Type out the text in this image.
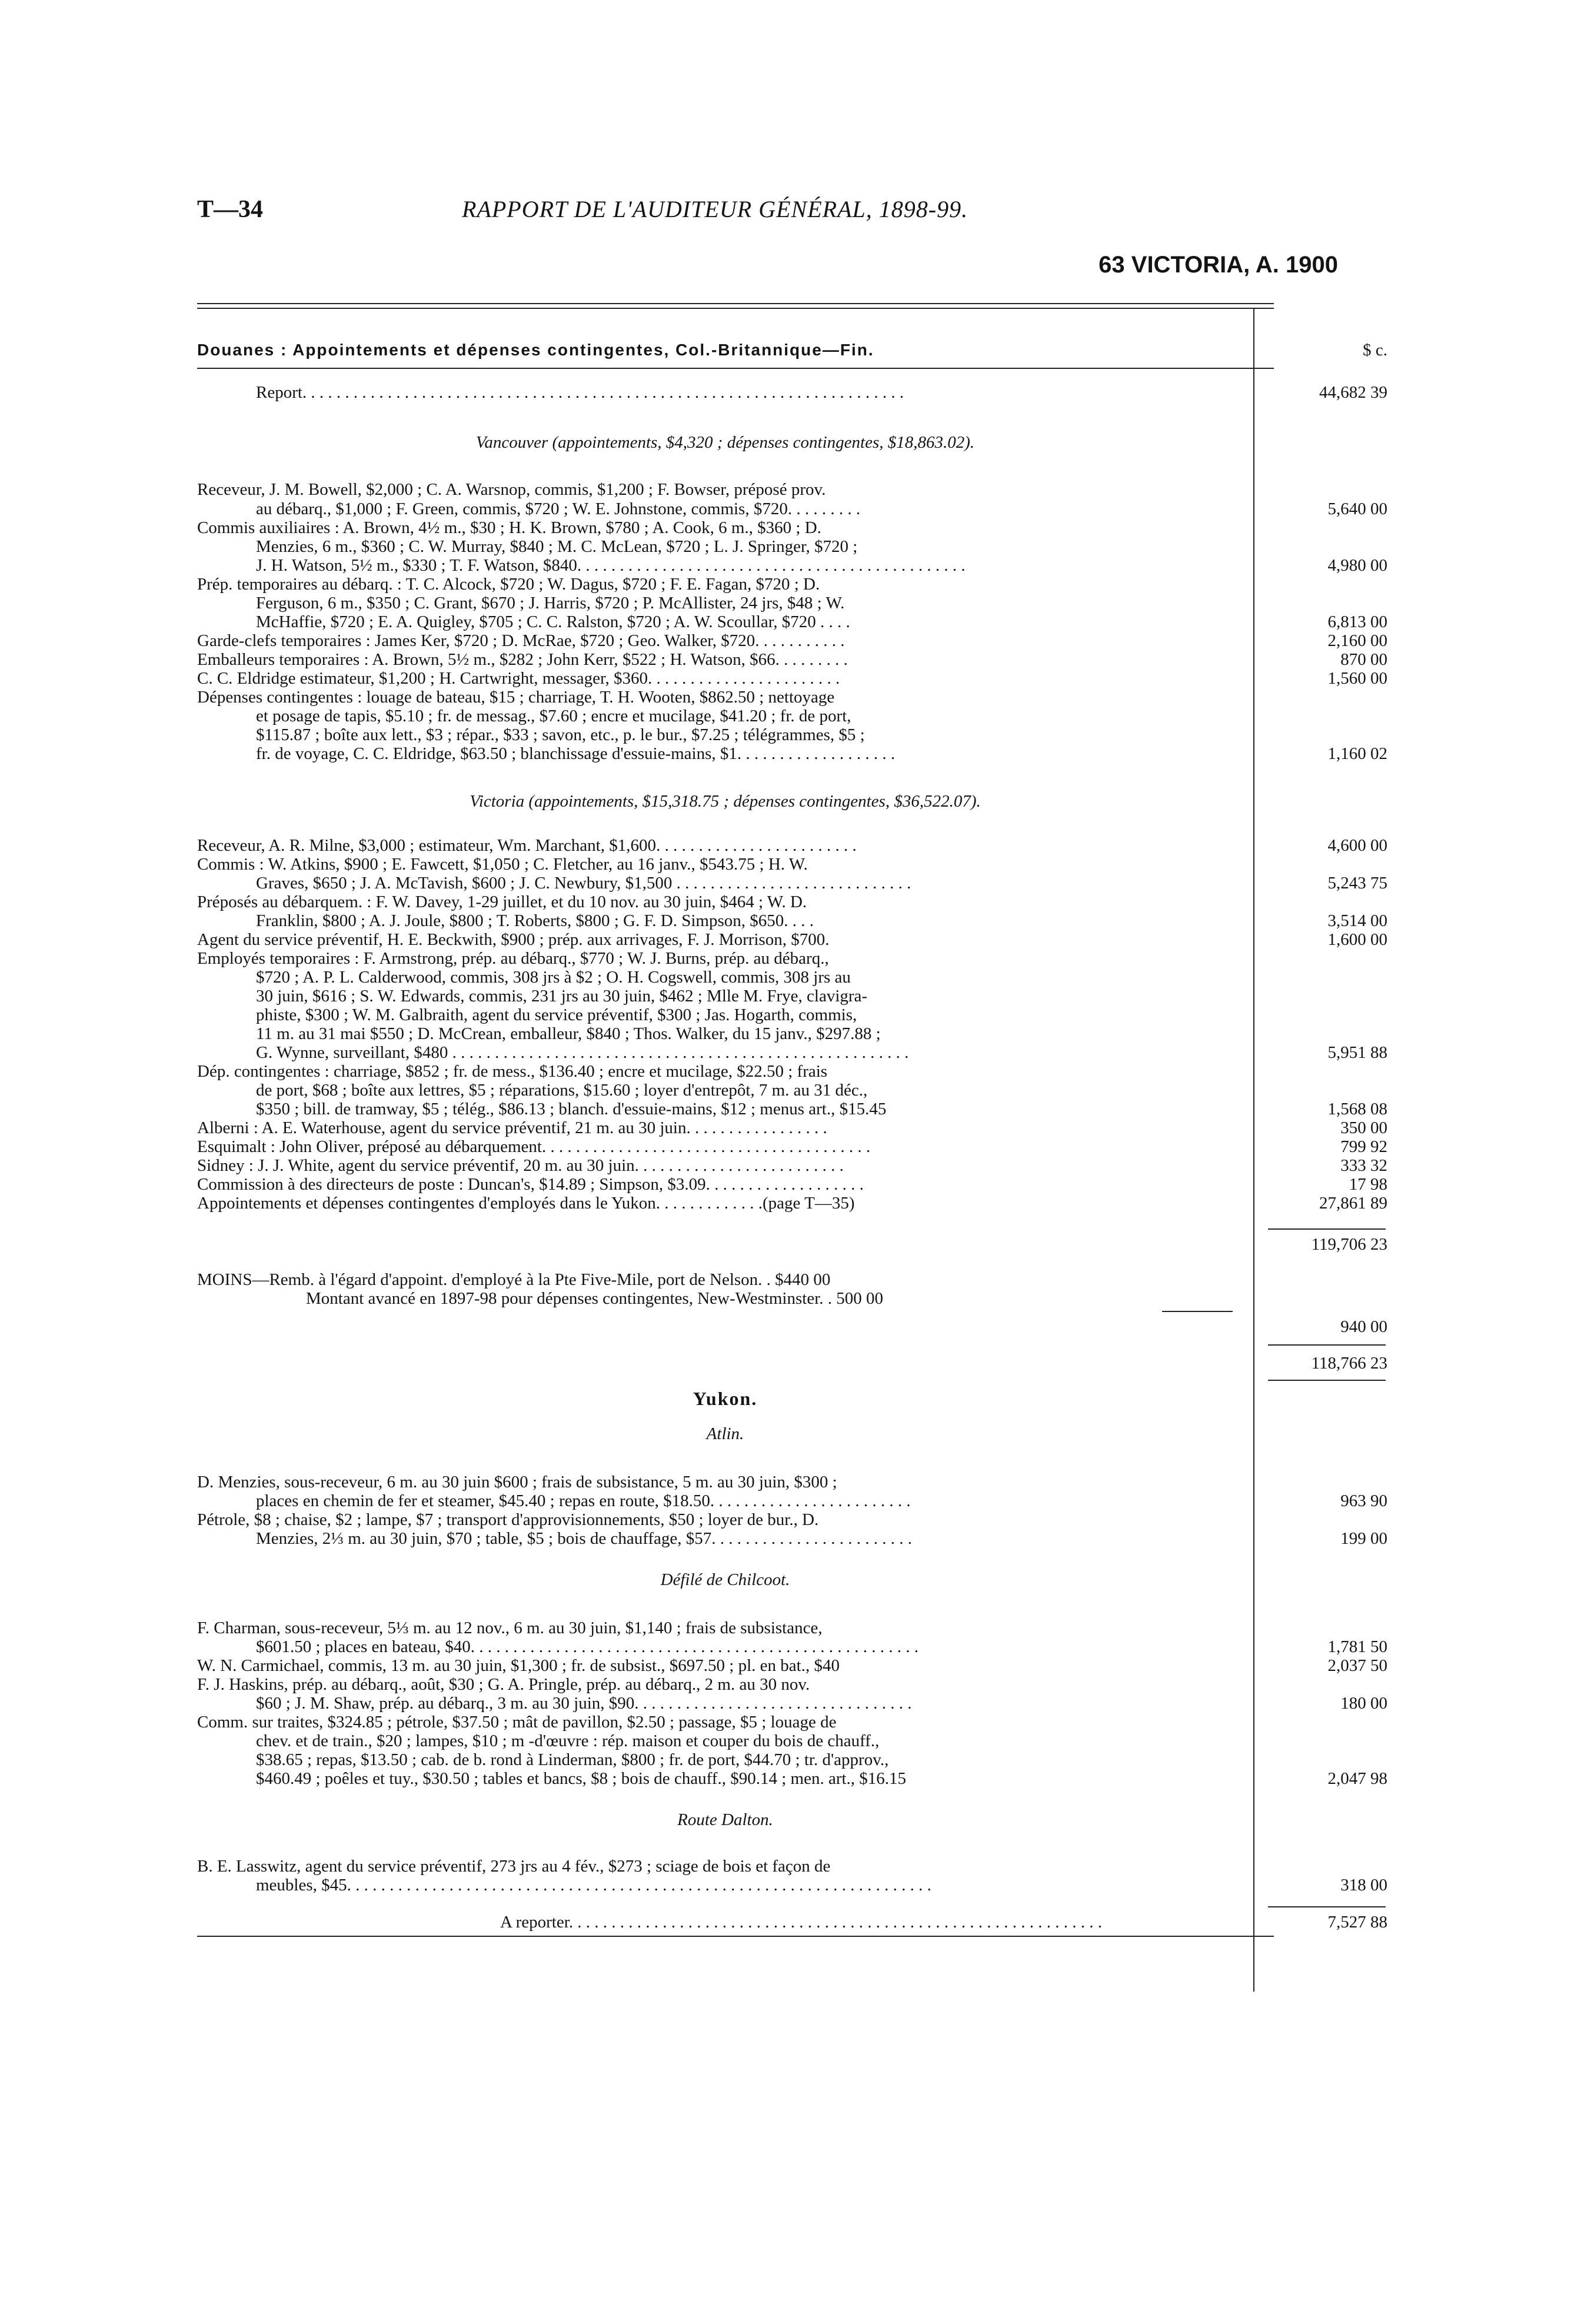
T—34	RAPPORT DE L'AUDITEUR GÉNÉRAL, 1898-99.
63 VICTORIA, A. 1900
Douanes : Appointements et dépenses contingentes, Col.-Britannique—Fin.	$ c.
Report. . . . . . . . . . . . . . . . . . . . . . . . . . . . . . . . . . . . . . . . . . . . . . . . . . . . . . . . . . . . . . . . . . . . . . .	44,682 39
Vancouver (appointements, $4,320 ; dépenses contingentes, $18,863.02).
Receveur, J. M. Bowell, $2,000 ; C. A. Warsnop, commis, $1,200 ; F. Bowser, préposé prov.
au débarq., $1,000 ; F. Green, commis, $720 ; W. E. Johnstone, commis, $720. . . . . . . . .	5,640 00
Commis auxiliaires : A. Brown, 4½ m., $30 ; H. K. Brown, $780 ; A. Cook, 6 m., $360 ; D.
Menzies, 6 m., $360 ; C. W. Murray, $840 ; M. C. McLean, $720 ; L. J. Springer, $720 ;
J. H. Watson, 5½ m., $330 ; T. F. Watson, $840. . . . . . . . . . . . . . . . . . . . . . . . . . . . . . . . . . . . . . . . . . . . . .	4,980 00
Prép. temporaires au débarq. : T. C. Alcock, $720 ; W. Dagus, $720 ; F. E. Fagan, $720 ; D.
Ferguson, 6 m., $350 ; C. Grant, $670 ; J. Harris, $720 ; P. McAllister, 24 jrs, $48 ; W.
McHaffie, $720 ; E. A. Quigley, $705 ; C. C. Ralston, $720 ; A. W. Scoullar, $720 . . . .	6,813 00
Garde-clefs temporaires : James Ker, $720 ; D. McRae, $720 ; Geo. Walker, $720. . . . . . . . . . .	2,160 00
Emballeurs temporaires : A. Brown, 5½ m., $282 ; John Kerr, $522 ; H. Watson, $66. . . . . . . . .	870 00
C. C. Eldridge estimateur, $1,200 ; H. Cartwright, messager, $360. . . . . . . . . . . . . . . . . . . . . . .	1,560 00
Dépenses contingentes : louage de bateau, $15 ; charriage, T. H. Wooten, $862.50 ; nettoyage
et posage de tapis, $5.10 ; fr. de messag., $7.60 ; encre et mucilage, $41.20 ; fr. de port,
$115.87 ; boîte aux lett., $3 ; répar., $33 ; savon, etc., p. le bur., $7.25 ; télégrammes, $5 ;
fr. de voyage, C. C. Eldridge, $63.50 ; blanchissage d'essuie-mains, $1. . . . . . . . . . . . . . . . . . .	1,160 02
Victoria (appointements, $15,318.75 ; dépenses contingentes, $36,522.07).
Receveur, A. R. Milne, $3,000 ; estimateur, Wm. Marchant, $1,600. . . . . . . . . . . . . . . . . . . . . . . .	4,600 00
Commis : W. Atkins, $900 ; E. Fawcett, $1,050 ; C. Fletcher, au 16 janv., $543.75 ; H. W.
Graves, $650 ; J. A. McTavish, $600 ; J. C. Newbury, $1,500 . . . . . . . . . . . . . . . . . . . . . . . . . . . .	5,243 75
Préposés au débarquem. : F. W. Davey, 1-29 juillet, et du 10 nov. au 30 juin, $464 ; W. D.
Franklin, $800 ; A. J. Joule, $800 ; T. Roberts, $800 ; G. F. D. Simpson, $650. . . .	3,514 00
Agent du service préventif, H. E. Beckwith, $900 ; prép. aux arrivages, F. J. Morrison, $700.	1,600 00
Employés temporaires : F. Armstrong, prép. au débarq., $770 ; W. J. Burns, prép. au débarq.,
$720 ; A. P. L. Calderwood, commis, 308 jrs à $2 ; O. H. Cogswell, commis, 308 jrs au
30 juin, $616 ; S. W. Edwards, commis, 231 jrs au 30 juin, $462 ; Mlle M. Frye, clavigra-
phiste, $300 ; W. M. Galbraith, agent du service préventif, $300 ; Jas. Hogarth, commis,
11 m. au 31 mai $550 ; D. McCrean, emballeur, $840 ; Thos. Walker, du 15 janv., $297.88 ;
G. Wynne, surveillant, $480 . . . . . . . . . . . . . . . . . . . . . . . . . . . . . . . . . . . . . . . . . . . . . . . . . . . . . .	5,951 88
Dép. contingentes : charriage, $852 ; fr. de mess., $136.40 ; encre et mucilage, $22.50 ; frais
de port, $68 ; boîte aux lettres, $5 ; réparations, $15.60 ; loyer d'entrepôt, 7 m. au 31 déc.,
$350 ; bill. de tramway, $5 ; télég., $86.13 ; blanch. d'essuie-mains, $12 ; menus art., $15.45	1,568 08
Alberni : A. E. Waterhouse, agent du service préventif, 21 m. au 30 juin. . . . . . . . . . . . . . . . .	350 00
Esquimalt : John Oliver, préposé au débarquement. . . . . . . . . . . . . . . . . . . . . . . . . . . . . . . . . . . . . . .	799 92
Sidney : J. J. White, agent du service préventif, 20 m. au 30 juin. . . . . . . . . . . . . . . . . . . . . . . . .	333 32
Commission à des directeurs de poste : Duncan's, $14.89 ; Simpson, $3.09. . . . . . . . . . . . . . . . . . .	17 98
Appointements et dépenses contingentes d'employés dans le Yukon. . . . . . . . . . . . .(page T—35)	27,861 89
119,706 23
MOINS—Remb. à l'égard d'appoint. d'employé à la Pte Five-Mile, port de Nelson. . $440 00
Montant avancé en 1897-98 pour dépenses contingentes, New-Westminster. . 500 00
940 00
118,766 23
Yukon.
Atlin.
D. Menzies, sous-receveur, 6 m. au 30 juin $600 ; frais de subsistance, 5 m. au 30 juin, $300 ;
places en chemin de fer et steamer, $45.40 ; repas en route, $18.50. . . . . . . . . . . . . . . . . . . . . . . .	963 90
Pétrole, $8 ; chaise, $2 ; lampe, $7 ; transport d'approvisionnements, $50 ; loyer de bur., D.
Menzies, 2⅓ m. au 30 juin, $70 ; table, $5 ; bois de chauffage, $57. . . . . . . . . . . . . . . . . . . . . . . .	199 00
Défilé de Chilcoot.
F. Charman, sous-receveur, 5⅓ m. au 12 nov., 6 m. au 30 juin, $1,140 ; frais de subsistance,
$601.50 ; places en bateau, $40. . . . . . . . . . . . . . . . . . . . . . . . . . . . . . . . . . . . . . . . . . . . . . . . . . . . .	1,781 50
W. N. Carmichael, commis, 13 m. au 30 juin, $1,300 ; fr. de subsist., $697.50 ; pl. en bat., $40	2,037 50
F. J. Haskins, prép. au débarq., août, $30 ; G. A. Pringle, prép. au débarq., 2 m. au 30 nov.
$60 ; J. M. Shaw, prép. au débarq., 3 m. au 30 juin, $90. . . . . . . . . . . . . . . . . . . . . . . . . . . . . . . . .	180 00
Comm. sur traites, $324.85 ; pétrole, $37.50 ; mât de pavillon, $2.50 ; passage, $5 ; louage de
chev. et de train., $20 ; lampes, $10 ; m -d'œuvre : rép. maison et couper du bois de chauff.,
$38.65 ; repas, $13.50 ; cab. de b. rond à Linderman, $800 ; fr. de port, $44.70 ; tr. d'approv.,
$460.49 ; poêles et tuy., $30.50 ; tables et bancs, $8 ; bois de chauff., $90.14 ; men. art., $16.15	2,047 98
Route Dalton.
B. E. Lasswitz, agent du service préventif, 273 jrs au 4 fév., $273 ; sciage de bois et façon de
meubles, $45. . . . . . . . . . . . . . . . . . . . . . . . . . . . . . . . . . . . . . . . . . . . . . . . . . . . . . . . . . . . . . . . . . . . .	318 00
A reporter. . . . . . . . . . . . . . . . . . . . . . . . . . . . . . . . . . . . . . . . . . . . . . . . . . . . . . . . . . . . . . .	7,527 88
